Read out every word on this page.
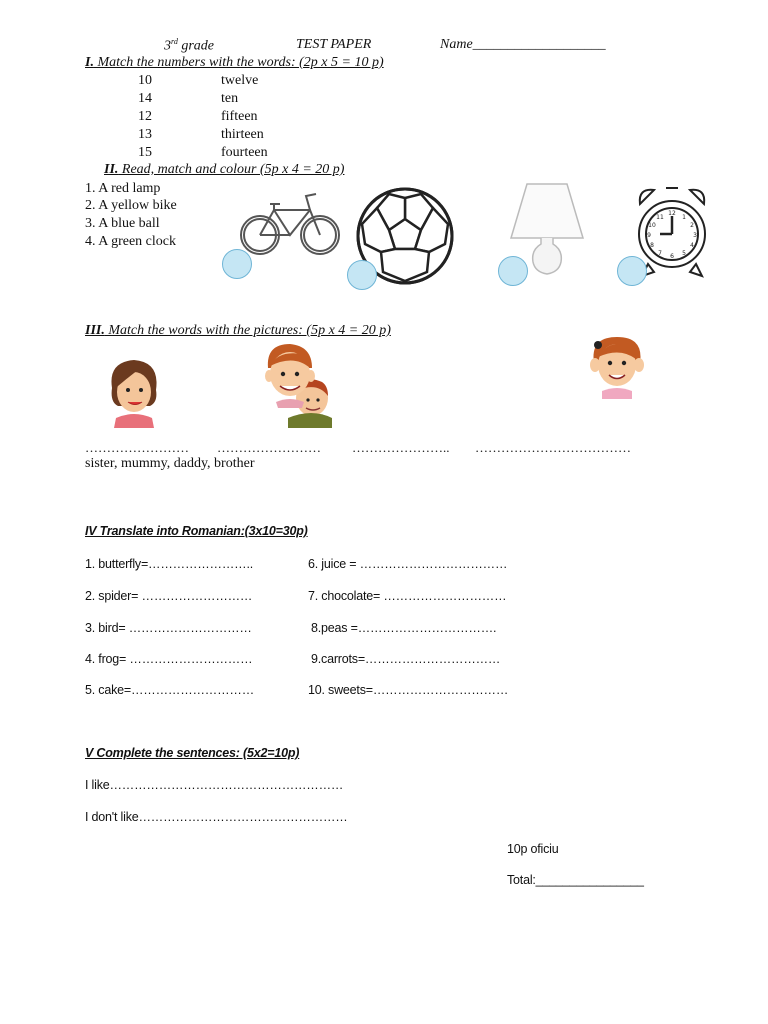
3rd grade	TEST PAPER	Name___________________
I. Match the numbers with the words: (2p x 5 = 10 p)
10
14
12
13
15
twelve
ten
fifteen
thirteen
fourteen
II. Read, match and colour (5p x 4 = 20 p)
1. A red lamp
2. A yellow bike
3. A blue ball
4. A green clock
12
1
2
3
4
5
6
7
8
9
10
11
III. Match the words with the pictures: (5p x 4 = 20 p)
…………………… …………………… ………………….. ………………………………
sister, mummy, daddy, brother
IV Translate into Romanian:(3x10=30p)
1. butterfly=……………………..
2. spider= ………………………
3. bird= …………………………
4. frog= …………………………
5. cake=…………………………
6. juice = ………………………………
7. chocolate= …………………………
8.peas =…………………………….
9.carrots=……………………………
10. sweets=……………………………
V Complete the sentences: (5x2=10p)
I like…………………………………………………
I don't like……………………………………………
10p oficiu
Total:________________
